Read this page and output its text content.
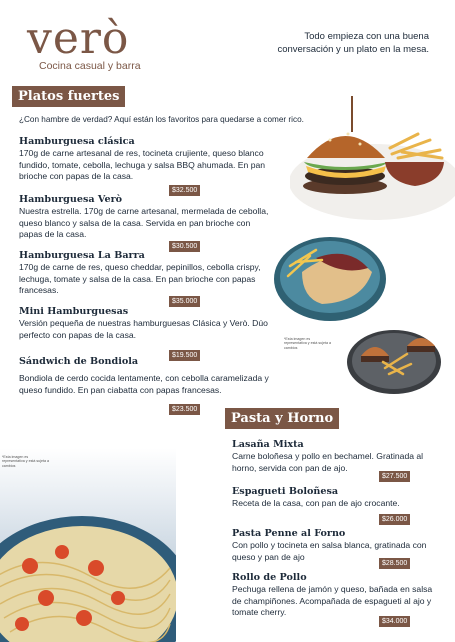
verò
Cocina casual y barra
Todo empieza con una buena conversación y un plato en la mesa.
Platos fuertes
¿Con hambre de verdad? Aquí están los favoritos para quedarse a comer rico.
Hamburguesa clásica
170g de carne artesanal de res, tocineta crujiente, queso blanco fundido, tomate, cebolla, lechuga y salsa BBQ ahumada. En pan brioche con papas de la casa.
$32.500
Hamburguesa Verò
Nuestra estrella. 170g de carne artesanal, mermelada de cebolla, queso blanco y salsa de la casa. Servida en pan brioche con papas de la casa.
$30.500
Hamburguesa La Barra
170g de carne de res, queso cheddar, pepinillos, cebolla crispy, lechuga, tomate y salsa de la casa. En pan brioche con papas francesas.
$35.000
Mini Hamburguesas
Versión pequeña de nuestras hamburguesas Clásica y Verò. Dúo perfecto con papas de la casa.
$19.500
Sándwich de Bondiola
Bondiola de cerdo cocida lentamente, con cebolla caramelizada y queso fundido. En pan ciabatta con papas francesas.
$23.500
*Esta imagen es representativa y está sujeta a cambios
*Esta imagen es representativa y está sujeta a cambios
Pasta y Horno
Lasaña Mixta
Carne boloñesa y pollo en bechamel. Gratinada al horno, servida con pan de ajo.
$27.500
Espagueti Boloñesa
Receta de la casa, con pan de ajo crocante.
$26.000
Pasta Penne al Forno
Con pollo y tocineta en salsa blanca, gratinada con queso y pan de ajo
$28.500
Rollo de Pollo
Pechuga rellena de jamón y queso, bañada en salsa de champiñones. Acompañada de espagueti al ajo y tomate cherry.
$34.000
